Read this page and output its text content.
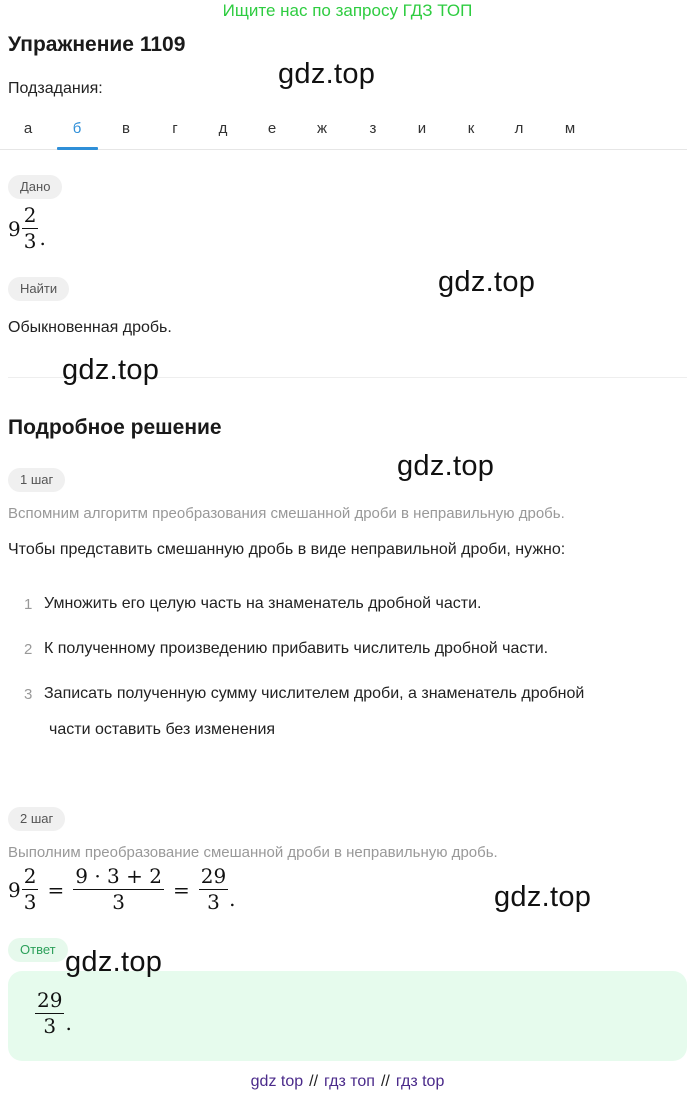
Ищите нас по запросу ГДЗ ТОП
Упражнение 1109
Подзадания:
а	б	в	г	д	е	ж	з	и	к	л	м
Дано
$9 \frac{2}{3}$ .
Найти
Обыкновенная дробь.
Подробное решение
1 шаг
Вспомним алгоритм преобразования смешанной дроби в неправильную дробь.
Чтобы представить смешанную дробь в виде неправильной дроби, нужно:
1 Умножить его целую часть на знаменатель дробной части.
2 К полученному произведению прибавить числитель дробной части.
3 Записать полученную сумму числителем дроби, а знаменатель дробной
части оставить без изменения
2 шаг
Выполним преобразование смешанной дроби в неправильную дробь.
$9 \frac{2}{3} = \frac{9 \cdot 3 + 2}{3} = \frac{29}{3}$ .
Ответ
$\frac{29}{3}$ .
gdz.top
gdz.top
gdz.top
gdz.top
gdz.top
gdz.top
gdz top // гдз топ // гдз top
